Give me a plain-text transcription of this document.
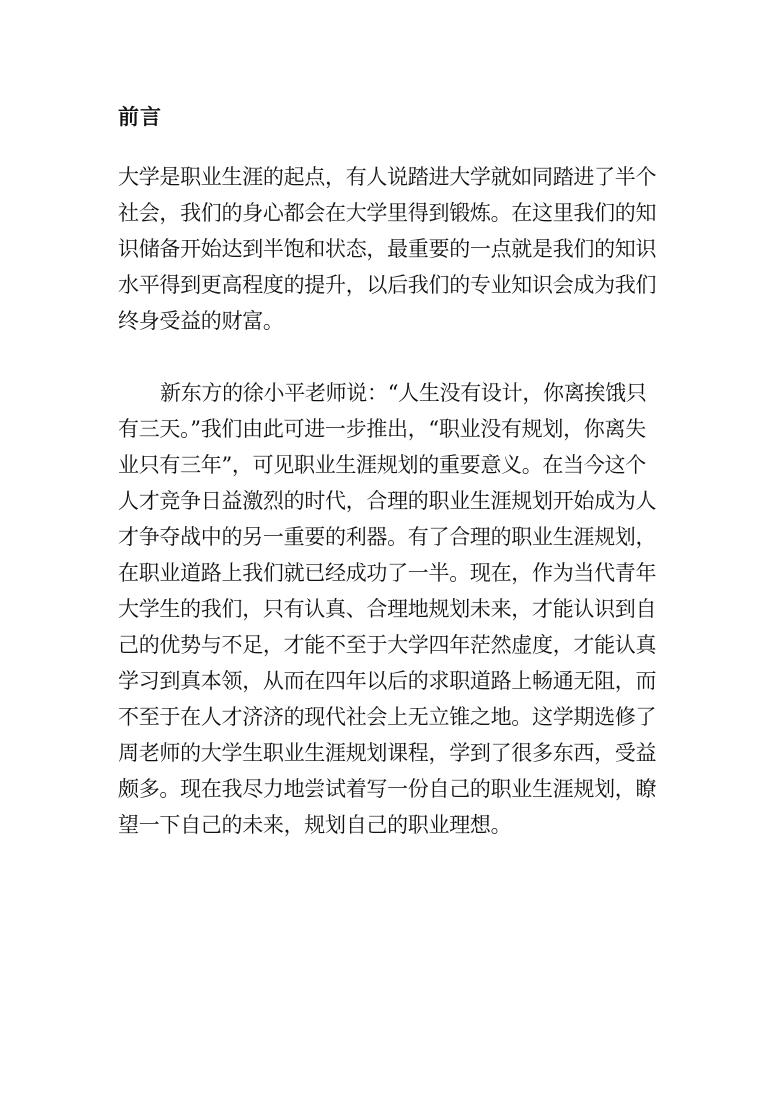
前言
大学是职业生涯的起点，有人说踏进大学就如同踏进了半个
社会，我们的身心都会在大学里得到锻炼。在这里我们的知
识储备开始达到半饱和状态，最重要的一点就是我们的知识
水平得到更高程度的提升，以后我们的专业知识会成为我们
终身受益的财富。
新东方的徐小平老师说：“人生没有设计，你离挨饿只
有三天。”我们由此可进一步推出，“职业没有规划，你离失
业只有三年”，可见职业生涯规划的重要意义。在当今这个
人才竞争日益激烈的时代，合理的职业生涯规划开始成为人
才争夺战中的另一重要的利器。有了合理的职业生涯规划，
在职业道路上我们就已经成功了一半。现在，作为当代青年
大学生的我们，只有认真、合理地规划未来，才能认识到自
己的优势与不足，才能不至于大学四年茫然虚度，才能认真
学习到真本领，从而在四年以后的求职道路上畅通无阻，而
不至于在人才济济的现代社会上无立锥之地。这学期选修了
周老师的大学生职业生涯规划课程，学到了很多东西，受益
颇多。现在我尽力地尝试着写一份自己的职业生涯规划，瞭
望一下自己的未来，规划自己的职业理想。
